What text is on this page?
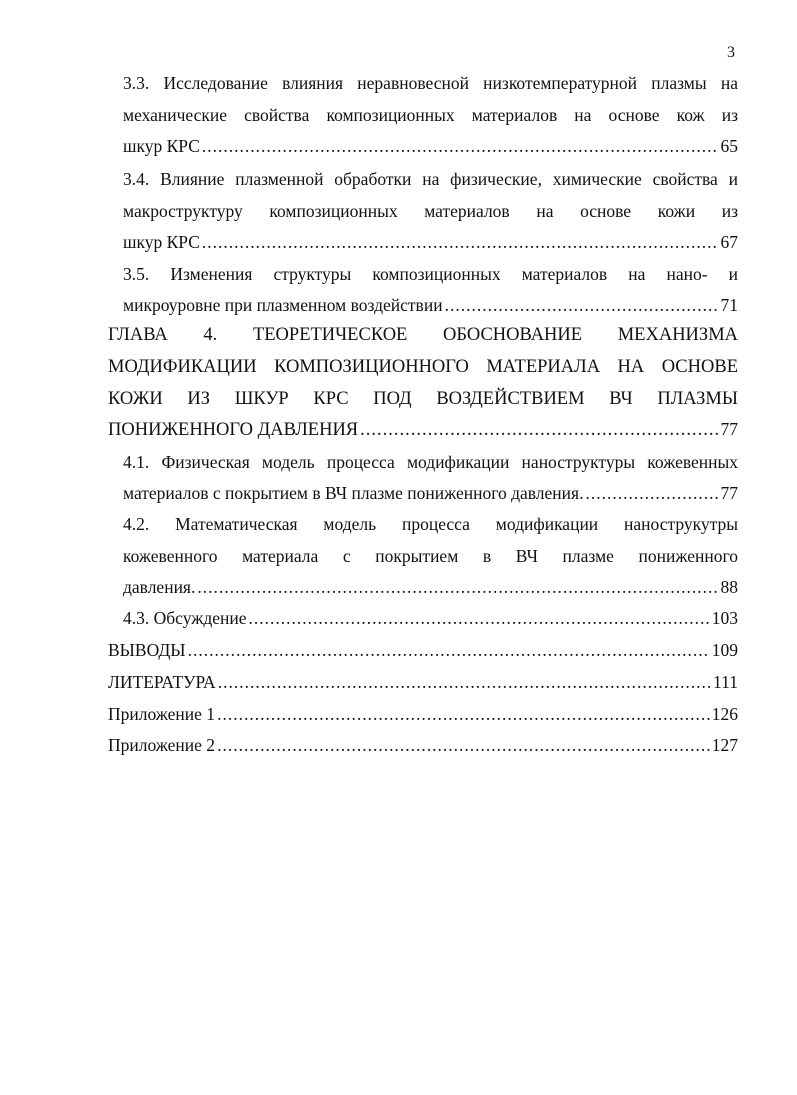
3
3.3. Исследование влияния неравновесной низкотемпературной плазмы на
механические свойства композиционных материалов на основе кож из
шкур КРС .....	65
3.4. Влияние плазменной обработки на физические, химические свойства и
макроструктуру композиционных материалов на основе кожи из
шкур КРС .....	67
3.5. Изменения структуры композиционных материалов на нано- и
микроуровне при плазменном воздействии .....	71
ГЛАВА 4. ТЕОРЕТИЧЕСКОЕ ОБОСНОВАНИЕ МЕХАНИЗМА
МОДИФИКАЦИИ КОМПОЗИЦИОННОГО МАТЕРИАЛА НА ОСНОВЕ
КОЖИ ИЗ ШКУР КРС ПОД ВОЗДЕЙСТВИЕМ ВЧ ПЛАЗМЫ
ПОНИЖЕННОГО ДАВЛЕНИЯ .....	77
4.1. Физическая модель процесса модификации наноструктуры кожевенных
материалов с покрытием в ВЧ плазме пониженного давления. .....	77
4.2. Математическая модель процесса модификации нанострукутры
кожевенного материала с покрытием в ВЧ плазме пониженного
давления. .....	88
4.3. Обсуждение .....	103
ВЫВОДЫ .....	109
ЛИТЕРАТУРА .....	111
Приложение 1 .....	126
Приложение 2 .....	127
